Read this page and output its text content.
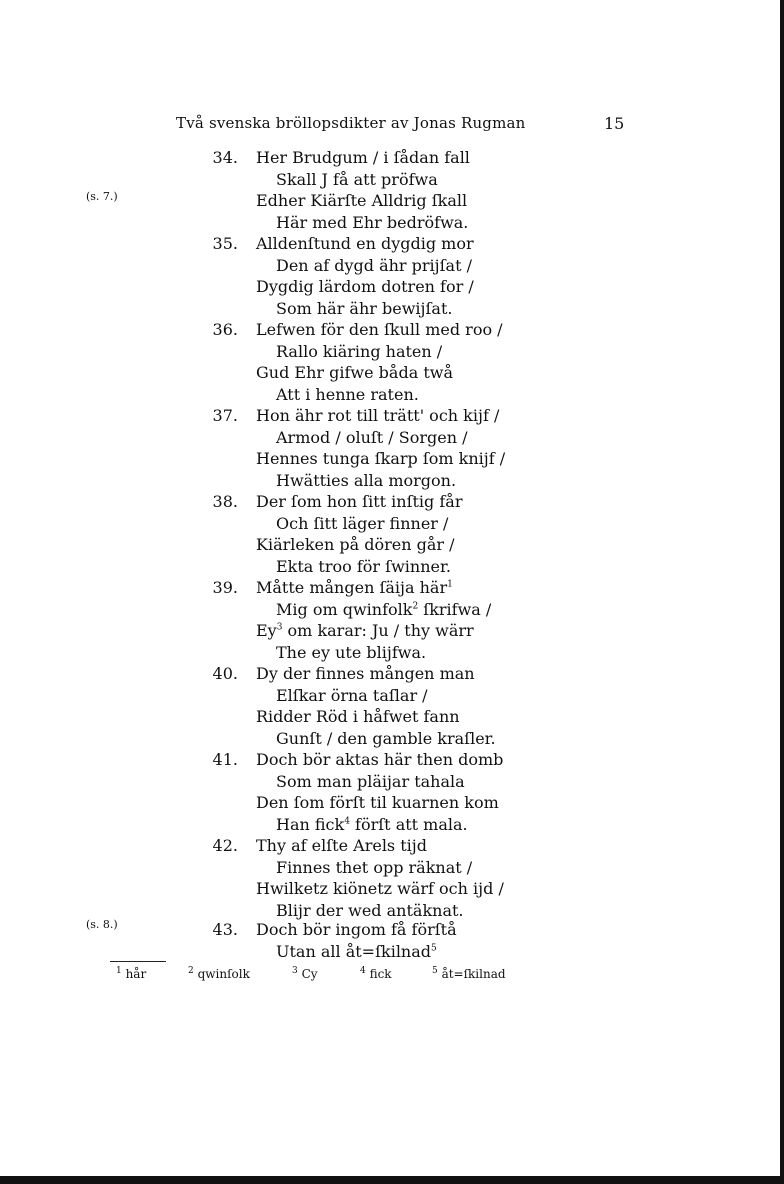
Två svenska bröllopsdikter av Jonas Rugman	15
(s. 7.)
(s. 8.)
34. Her Brudgum / i ſådan fall
Skall J få att pröfwa
Edher Kiärſte Alldrig ſkall
Här med Ehr bedröfwa.
35. Alldenſtund en dygdig mor
Den af dygd ähr prijſat /
Dygdig lärdom dotren for /
Som här ähr bewijſat.
36. Lefwen för den ſkull med roo /
Rallo kiäring haten /
Gud Ehr gifwe båda twå
Att i henne raten.
37. Hon ähr rot till trätt' och kijf /
Armod / oluſt / Sorgen /
Hennes tunga ſkarp ſom knijf /
Hwätties alla morgon.
38. Der ſom hon ſitt inſtig får
Och ſitt läger finner /
Kiärleken på dören går /
Ekta troo för ſwinner.
39. Måtte mången ſäija här$^1$
Mig om qwinfolk$^2$ ſkrifwa /
Ey$^3$ om karar: Ju / thy wärr
The ey ute blijfwa.
40. Dy der finnes mången man
Elſkar örna taſlar /
Ridder Röd i håfwet fann
Gunſt / den gamble kraſler.
41. Doch bör aktas här then domb
Som man pläijar tahala
Den ſom förſt til kuarnen kom
Han fick$^4$ förſt att mala.
42. Thy af elſte Arels tijd
Finnes thet opp räknat /
Hwilketz kiönetz wärf och ijd /
Blijr der wed antäknat.
43. Doch bör ingom få förſtå
Utan all åt=ſkilnad$^5$
$^1$ hår	$^2$ qwinſolk	$^3$ Cy	$^4$ fick	$^5$ åt=ſkilnad
